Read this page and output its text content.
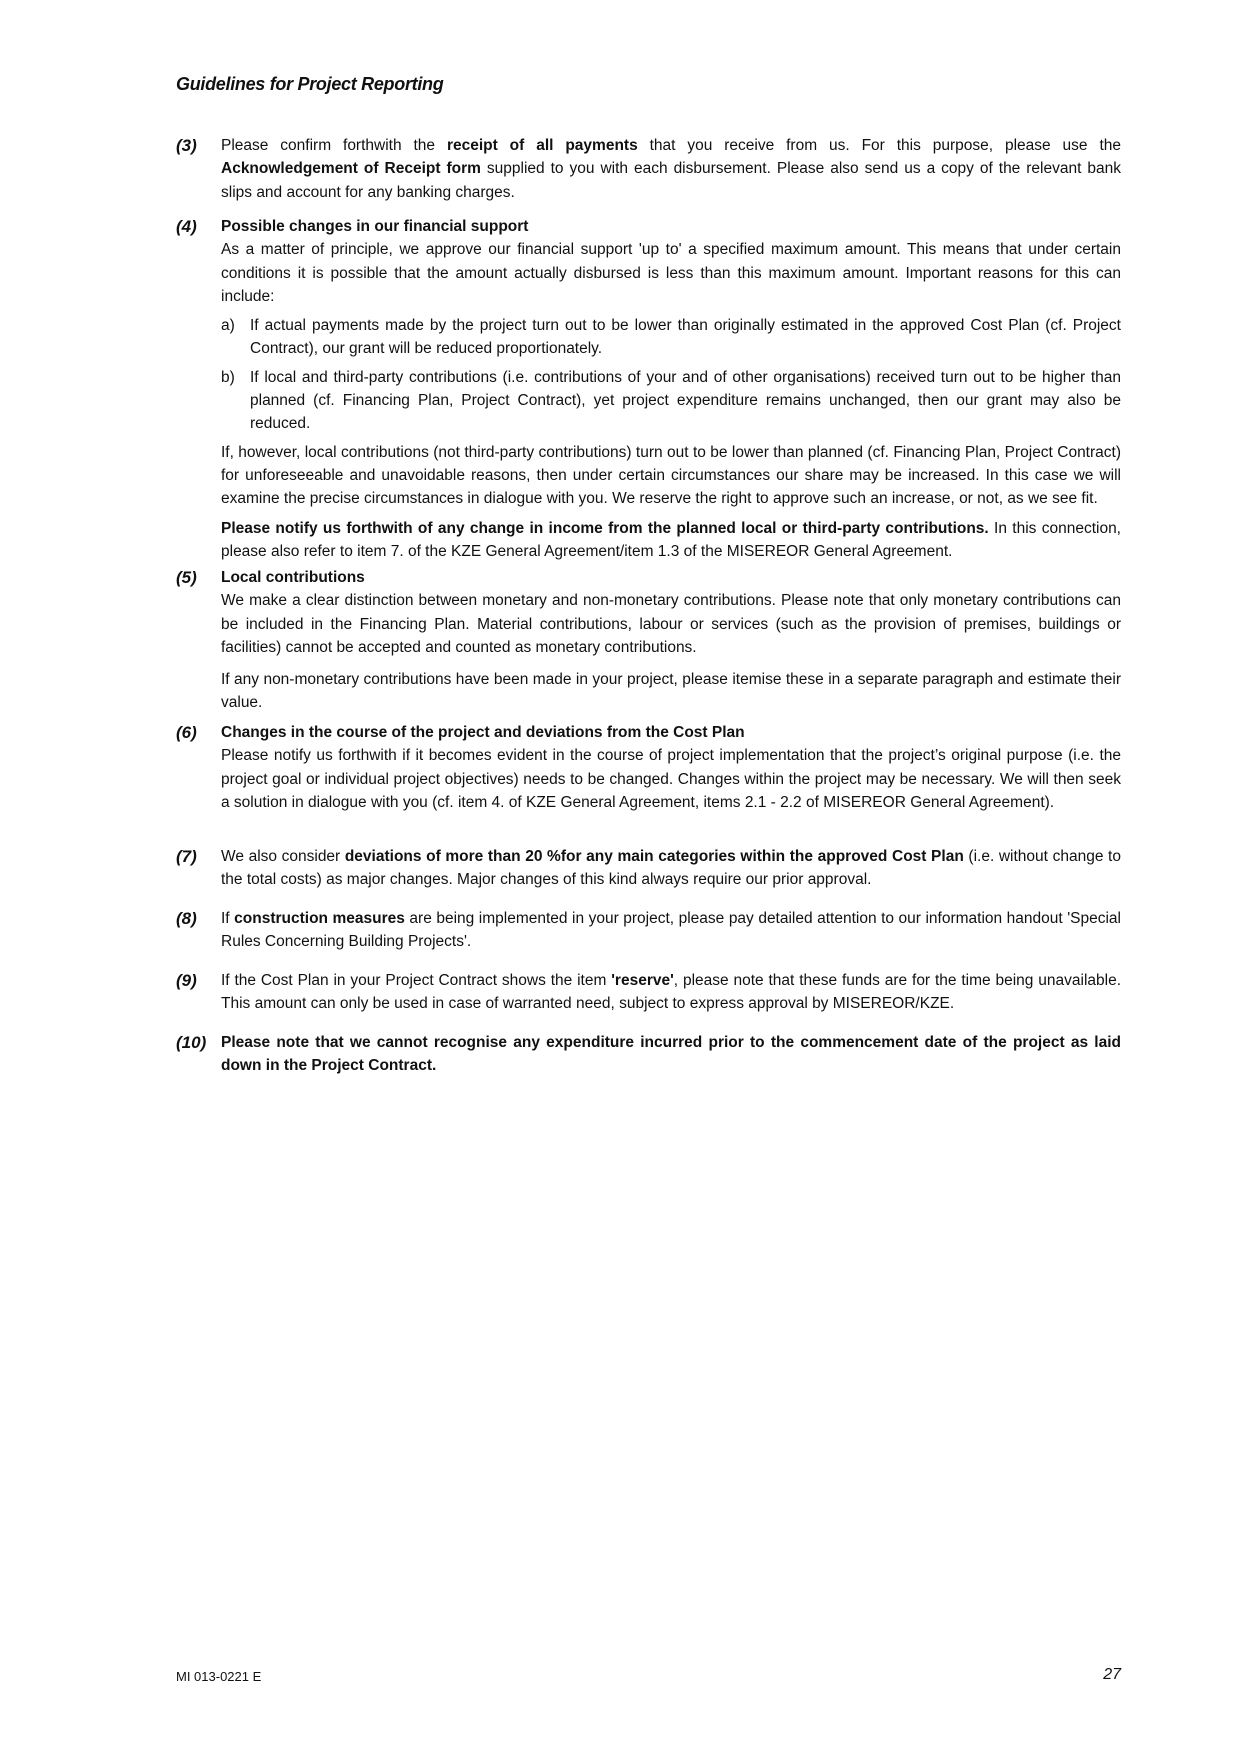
Guidelines for Project Reporting
(3) Please confirm forthwith the receipt of all payments that you receive from us. For this purpose, please use the Acknowledgement of Receipt form supplied to you with each disbursement. Please also send us a copy of the relevant bank slips and account for any banking charges.

(4) Possible changes in our financial support

As a matter of principle, we approve our financial support 'up to' a specified maximum amount. This means that under certain conditions it is possible that the amount actually disbursed is less than this maximum amount. Important reasons for this can include:

a) If actual payments made by the project turn out to be lower than originally estimated in the approved Cost Plan (cf. Project Contract), our grant will be reduced proportionately.
b) If local and third-party contributions (i.e. contributions of your and of other organisations) received turn out to be higher than planned (cf. Financing Plan, Project Contract), yet project expenditure remains unchanged, then our grant may also be reduced.

If, however, local contributions (not third-party contributions) turn out to be lower than planned (cf. Financing Plan, Project Contract) for unforeseeable and unavoidable reasons, then under certain circumstances our share may be increased. In this case we will examine the precise circumstances in dialogue with you. We reserve the right to approve such an increase, or not, as we see fit.

Please notify us forthwith of any change in income from the planned local or third-party contributions. In this connection, please also refer to item 7. of the KZE General Agreement/item 1.3 of the MISEREOR General Agreement.

(5) Local contributions

We make a clear distinction between monetary and non-monetary contributions. Please note that only monetary contributions can be included in the Financing Plan. Material contributions, labour or services (such as the provision of premises, buildings or facilities) cannot be accepted and counted as monetary contributions.

If any non-monetary contributions have been made in your project, please itemise these in a separate paragraph and estimate their value.

(6) Changes in the course of the project and deviations from the Cost Plan

Please notify us forthwith if it becomes evident in the course of project implementation that the project’s original purpose (i.e. the project goal or individual project objectives) needs to be changed. Changes within the project may be necessary. We will then seek a solution in dialogue with you (cf. item 4. of KZE General Agreement, items 2.1 - 2.2 of MISEREOR General Agreement).

(7) We also consider deviations of more than 20 %for any main categories within the approved Cost Plan (i.e. without change to the total costs) as major changes. Major changes of this kind always require our prior approval.

(8) If construction measures are being implemented in your project, please pay detailed attention to our information handout 'Special Rules Concerning Building Projects'.

(9) If the Cost Plan in your Project Contract shows the item 'reserve', please note that these funds are for the time being unavailable. This amount can only be used in case of warranted need, subject to express approval by MISEREOR/KZE.

(10) Please note that we cannot recognise any expenditure incurred prior to the commencement date of the project as laid down in the Project Contract.

MI 013-0221 E	27
